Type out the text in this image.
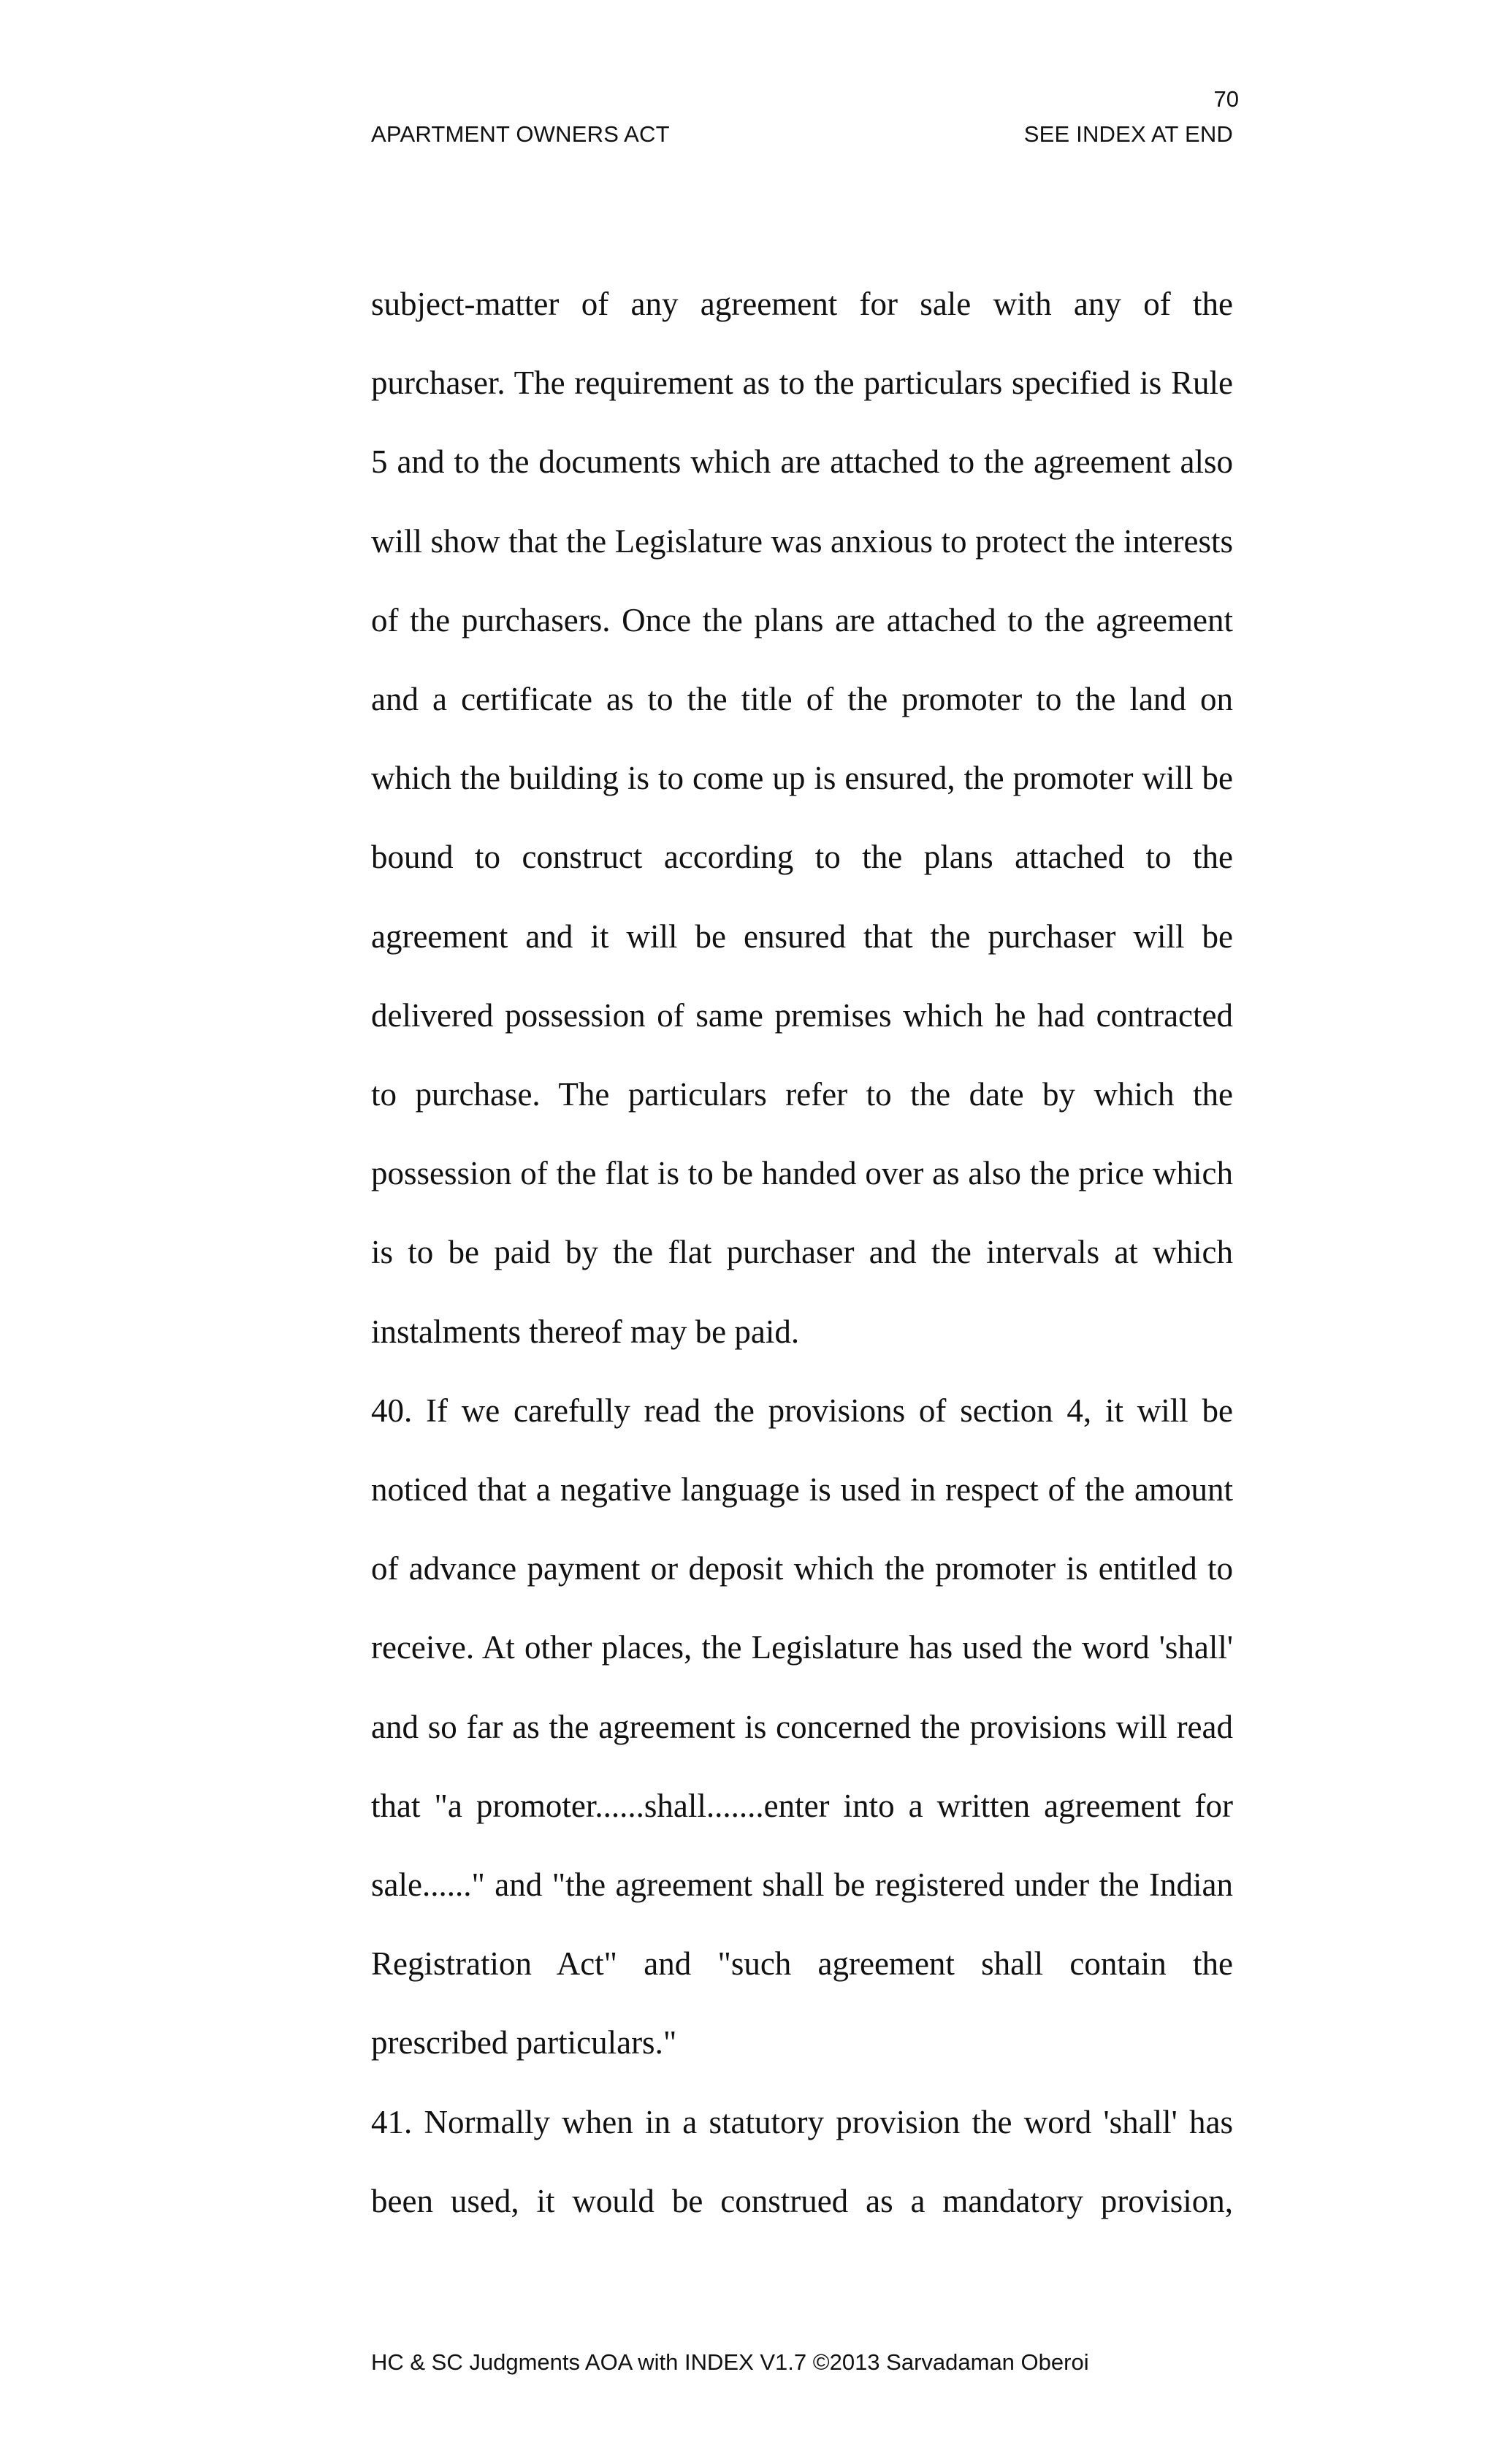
70
APARTMENT OWNERS ACT	SEE INDEX AT END

subject-matter of any agreement for sale with any of the purchaser. The requirement as to the particulars specified is Rule 5 and to the documents which are attached to the agreement also will show that the Legislature was anxious to protect the interests of the purchasers. Once the plans are attached to the agreement and a certificate as to the title of the promoter to the land on which the building is to come up is ensured, the promoter will be bound to construct according to the plans attached to the agreement and it will be ensured that the purchaser will be delivered possession of same premises which he had contracted to purchase. The particulars refer to the date by which the possession of the flat is to be handed over as also the price which is to be paid by the flat purchaser and the intervals at which instalments thereof may be paid.

40. If we carefully read the provisions of section 4, it will be noticed that a negative language is used in respect of the amount of advance payment or deposit which the promoter is entitled to receive. At other places, the Legislature has used the word 'shall' and so far as the agreement is concerned the provisions will read that "a promoter......shall.......enter into a written agreement for sale......" and "the agreement shall be registered under the Indian Registration Act" and "such agreement shall contain the prescribed particulars."

41. Normally when in a statutory provision the word 'shall' has been used, it would be construed as a mandatory provision,

HC & SC Judgments AOA with INDEX V1.7 ©2013 Sarvadaman Oberoi
